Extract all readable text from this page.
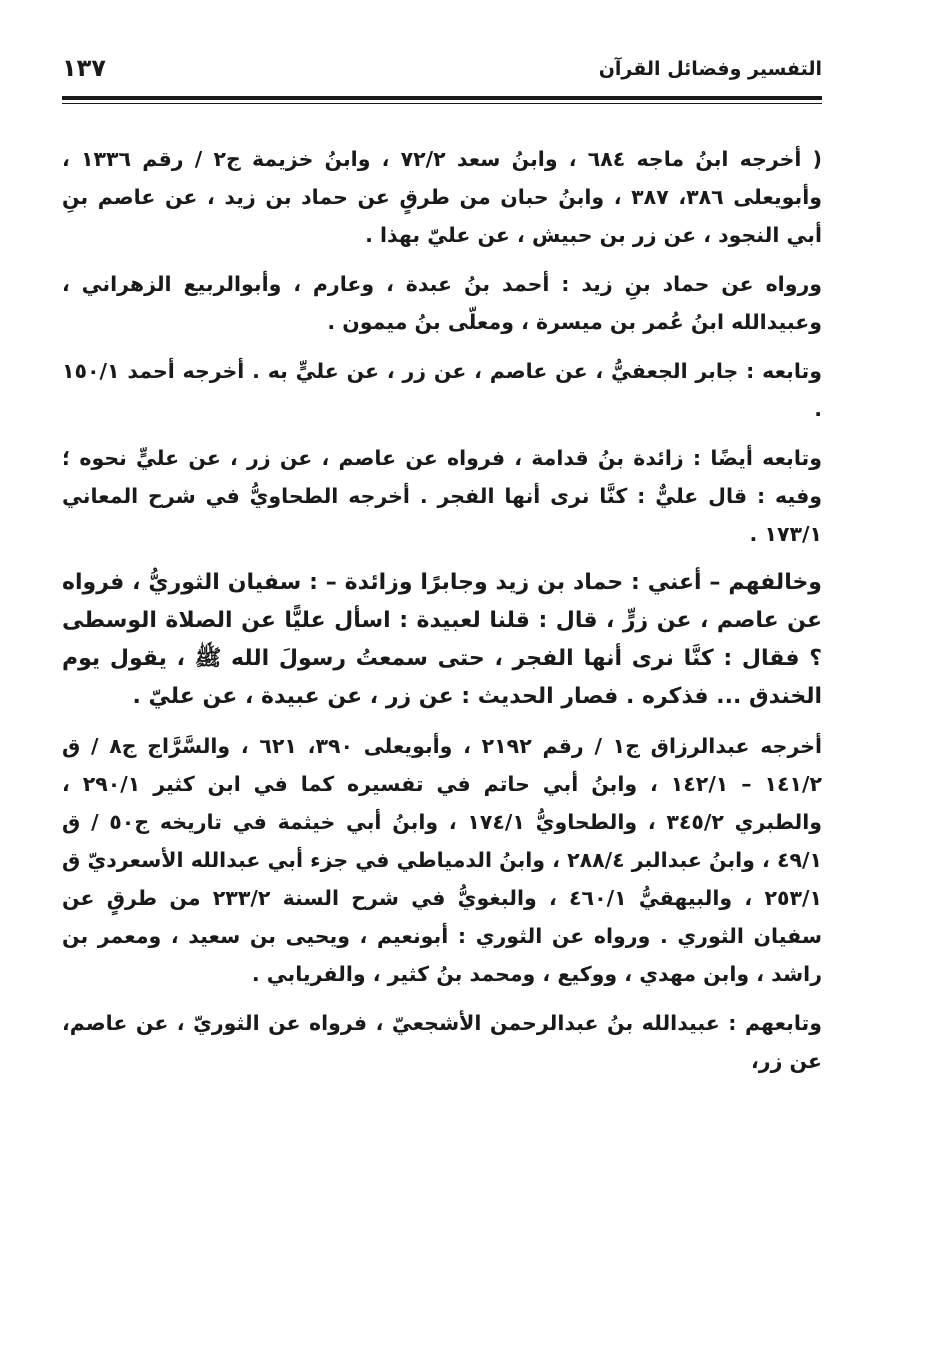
التفسير وفضائل القرآن
١٣٧

( أخرجه ابنُ ماجه ٦٨٤ ، وابنُ سعد ٧٢/٢ ، وابنُ خزيمة ج٢ / رقم ١٣٣٦ ، وأبويعلى ٣٨٦، ٣٨٧ ، وابنُ حبان من طرقٍ عن حماد بن زيد ، عن عاصم بنِ أبي النجود ، عن زر بن حبيش ، عن عليّ بهذا .

ورواه عن حماد بنِ زيد : أحمد بنُ عبدة ، وعارم ، وأبوالربيع الزهراني ، وعبيدالله ابنُ عُمر بن ميسرة ، ومعلّى بنُ ميمون .

وتابعه : جابر الجعفيُّ ، عن عاصم ، عن زر ، عن عليٍّ به . أخرجه أحمد ١٥٠/١ .

وتابعه أيضًا : زائدة بنُ قدامة ، فرواه عن عاصم ، عن زر ، عن عليٍّ نحوه ؛ وفيه : قال عليٌّ : كنَّا نرى أنها الفجر . أخرجه الطحاويُّ في شرح المعاني ١٧٣/١ .

وخالفهم – أعني : حماد بن زيد وجابرًا وزائدة – : سفيان الثوريُّ ، فرواه عن عاصم ، عن زرٍّ ، قال : قلنا لعبيدة : اسأل عليًّا عن الصلاة الوسطى ؟ فقال : كنَّا نرى أنها الفجر ، حتى سمعتُ رسولَ الله ﷺ ، يقول يوم الخندق ... فذكره . فصار الحديث : عن زر ، عن عبيدة ، عن عليّ .

أخرجه عبدالرزاق ج١ / رقم ٢١٩٢ ، وأبويعلى ٣٩٠، ٦٢١ ، والسَّرَّاج ج٨ / ق ١٤١/٢ – ١٤٢/١ ، وابنُ أبي حاتم في تفسيره كما في ابن كثير ٢٩٠/١ ، والطبري ٣٤٥/٢ ، والطحاويُّ ١٧٤/١ ، وابنُ أبي خيثمة في تاريخه ج٥٠ / ق ٤٩/١ ، وابنُ عبدالبر ٢٨٨/٤ ، وابنُ الدمياطي في جزء أبي عبدالله الأسعرديّ ق ٢٥٣/١ ، والبيهقيُّ ٤٦٠/١ ، والبغويُّ في شرح السنة ٢٣٣/٢ من طرقٍ عن سفيان الثوري . ورواه عن الثوري : أبونعيم ، ويحيى بن سعيد ، ومعمر بن راشد ، وابن مهدي ، ووكيع ، ومحمد بنُ كثير ، والفريابي .

وتابعهم : عبيدالله بنُ عبدالرحمن الأشجعيّ ، فرواه عن الثوريّ ، عن عاصم، عن زر،
